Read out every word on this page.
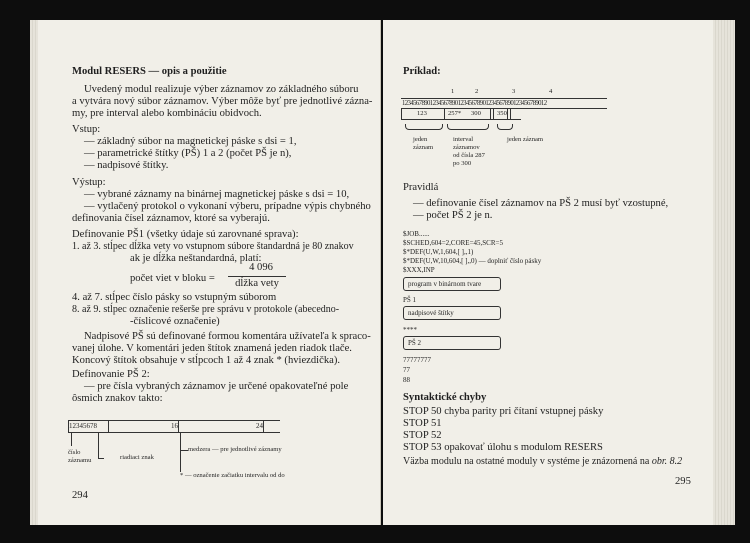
Modul RESERS — opis a použitie
Uvedený modul realizuje výber záznamov zo základného súboru
a vytvára nový súbor záznamov. Výber môže byť pre jednotlivé zázna-
my, pre interval alebo kombináciu obidvoch.
Vstup:
— základný súbor na magnetickej páske s dsi = 1,
— parametrické štítky (PŠ) 1 a 2 (počet PŠ je n),
— nadpisové štítky.
Výstup:
— vybrané záznamy na binárnej magnetickej páske s dsi = 10,
— vytlačený protokol o vykonaní výberu, prípadne výpis chybného
definovania čísel záznamov, ktoré sa vyberajú.
Definovanie PŠ1 (všetky údaje sú zarovnané sprava):
1. až 3. stĺpec dĺžka vety vo vstupnom súbore štandardná je 80 znakov
ak je dĺžka neštandardná, platí:
počet viet v bloku =
4 096
dĺžka vety
4. až 7. stĺpec číslo pásky so vstupným súborom
8. až 9. stĺpec označenie rešerše pre správu v protokole (abecedno-
-číslicové označenie)
Nadpisové PŠ sú definované formou komentára užívateľa k spraco-
vanej úlohe. V komentári jeden štítok znamená jeden riadok tlače.
Koncový štítok obsahuje v stĺpcoch 1 až 4 znak * (hviezdička).
Definovanie PŠ 2:
— pre čísla vybraných záznamov je určené opakovateľné pole
ôsmich znakov takto:
12345678	16	24
číslo
záznamu	riadiaci znak
medzera — pre jednotlivé záznamy
* — označenie začiatku intervalu od do
294
Príklad:
1	2	3	4
1234567890123456789012345678901234567890123456789012
123	257* 300 350
jeden
záznam
interval
záznamov
od čísla 287
po 300
jeden záznam
Pravidlá
— definovanie čísel záznamov na PŠ 2 musí byť vzostupné,
— počet PŠ 2 je n.
$JOB......
$SCHED,604=2,CORE=45,SCR=5
$*DEF(U,W,1,604,[ ],,1)
$*DEF(U,W,10,604,[ ],,0) — doplniť číslo pásky
$XXX,INP
program v binárnom tvare
PŠ 1
nadpisové štítky
****
PŠ 2
77777777
77
88
Syntaktické chyby
STOP 50 chyba parity pri čítaní vstupnej pásky
STOP 51
STOP 52
STOP 53 opakovať úlohu s modulom RESERS
Väzba modulu na ostatné moduly v systéme je znázornená na obr. 8.2
295
